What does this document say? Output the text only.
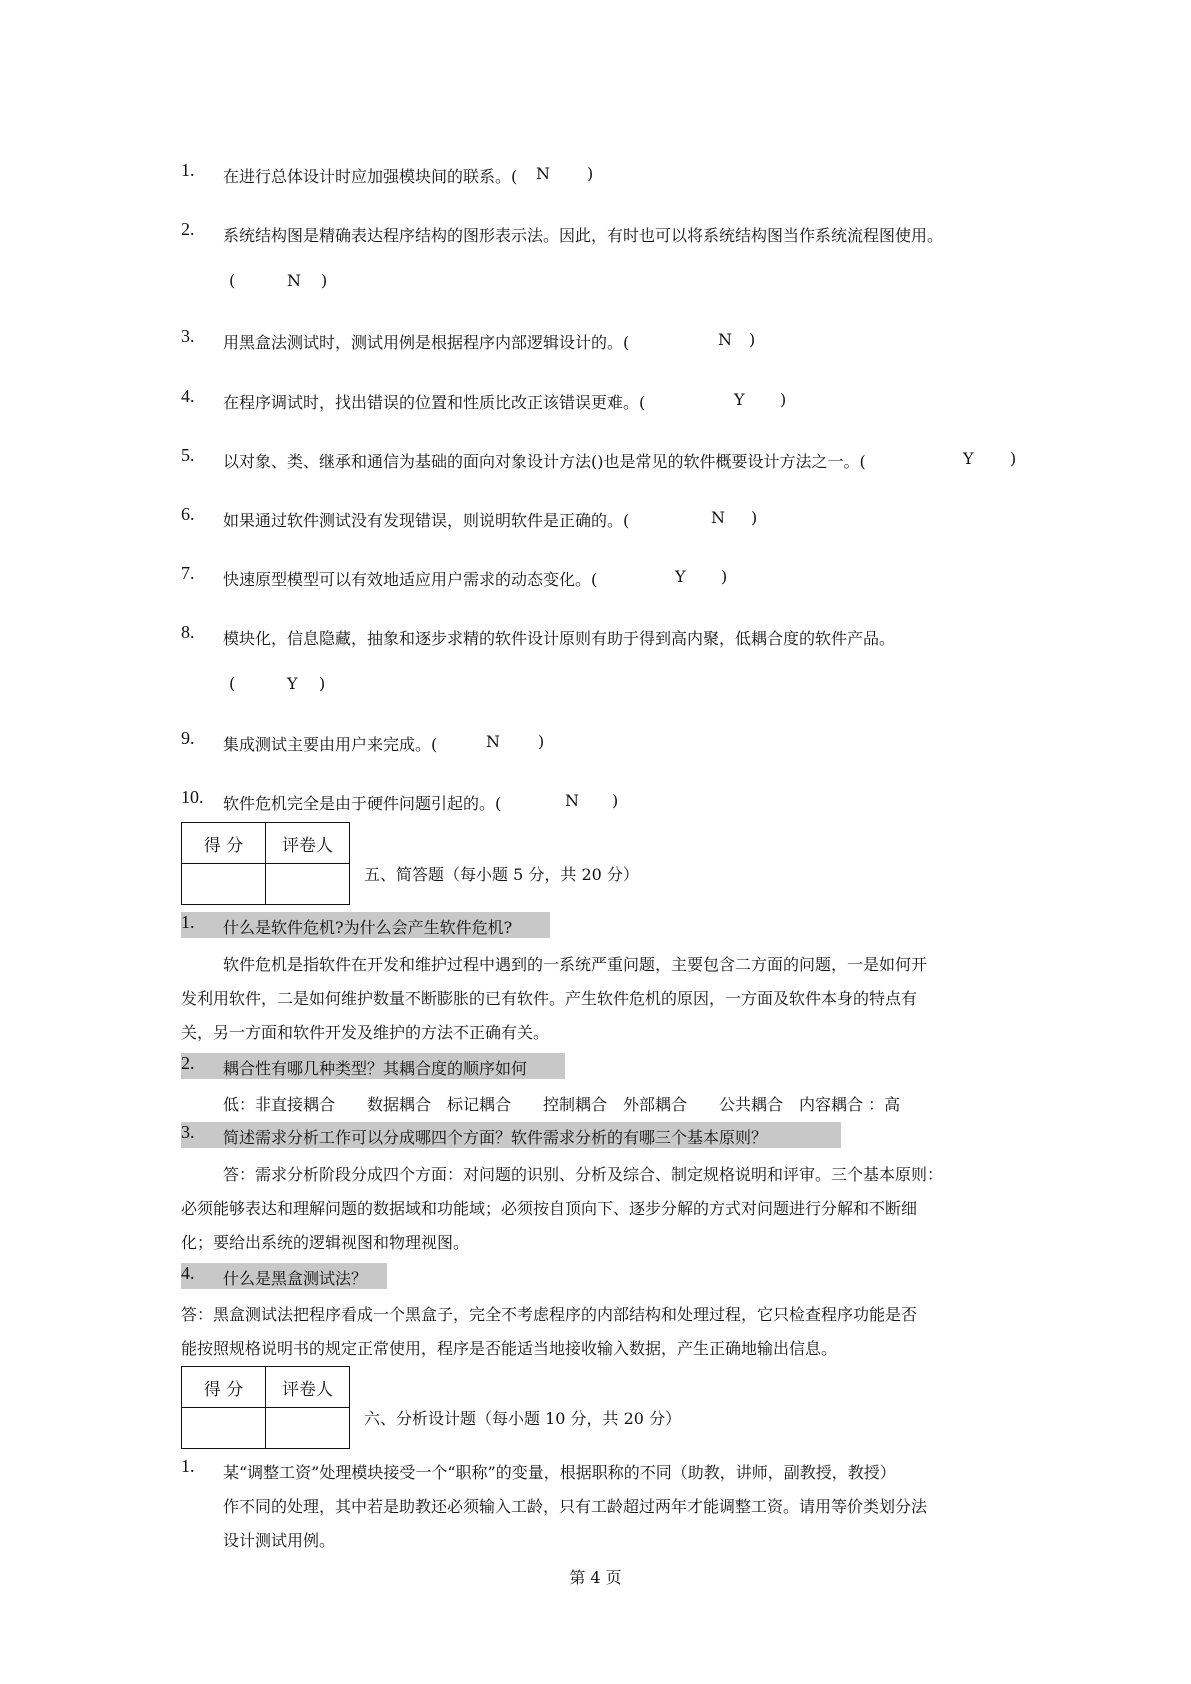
1. 在进行总体设计时应加强模块间的联系。( N )
2. 系统结构图是精确表达程序结构的图形表示法。因此，有时也可以将系统结构图当作系统流程图使用。
(	N )
3. 用黑盒法测试时，测试用例是根据程序内部逻辑设计的。(	N )
4. 在程序调试时，找出错误的位置和性质比改正该错误更难。(	Y )
5. 以对象、类、继承和通信为基础的面向对象设计方法()也是常见的软件概要设计方法之一。(	Y )
6. 如果通过软件测试没有发现错误，则说明软件是正确的。(	N )
7. 快速原型模型可以有效地适应用户需求的动态变化。(	Y )
8. 模块化，信息隐藏，抽象和逐步求精的软件设计原则有助于得到高内聚，低耦合度的软件产品。
(	Y )
9. 集成测试主要由用户来完成。(	N )
10. 软件危机完全是由于硬件问题引起的。(	N )
得 分	评卷人

五、简答题（每小题 5 分，共 20 分）
1. 什么是软件危机?为什么会产生软件危机?
软件危机是指软件在开发和维护过程中遇到的一系统严重问题，主要包含二方面的问题，一是如何开
发利用软件，二是如何维护数量不断膨胀的已有软件。产生软件危机的原因，一方面及软件本身的特点有
关，另一方面和软件开发及维护的方法不正确有关。
2. 耦合性有哪几种类型？其耦合度的顺序如何
低：非直接耦合　　数据耦合　标记耦合　　控制耦合　外部耦合　　公共耦合　内容耦合 ：高
3. 简述需求分析工作可以分成哪四个方面？软件需求分析的有哪三个基本原则？
答：需求分析阶段分成四个方面：对问题的识别、分析及综合、制定规格说明和评审。三个基本原则：
必须能够表达和理解问题的数据域和功能域；必须按自顶向下、逐步分解的方式对问题进行分解和不断细
化；要给出系统的逻辑视图和物理视图。
4. 什么是黑盒测试法？
答：黑盒测试法把程序看成一个黑盒子，完全不考虑程序的内部结构和处理过程，它只检查程序功能是否
能按照规格说明书的规定正常使用，程序是否能适当地接收输入数据，产生正确地输出信息。
得 分	评卷人

六、分析设计题（每小题 10 分，共 20 分）
1. 某“调整工资”处理模块接受一个“职称”的变量，根据职称的不同（助教，讲师，副教授，教授）
作不同的处理，其中若是助教还必须输入工龄，只有工龄超过两年才能调整工资。请用等价类划分法
设计测试用例。
第 4 页
